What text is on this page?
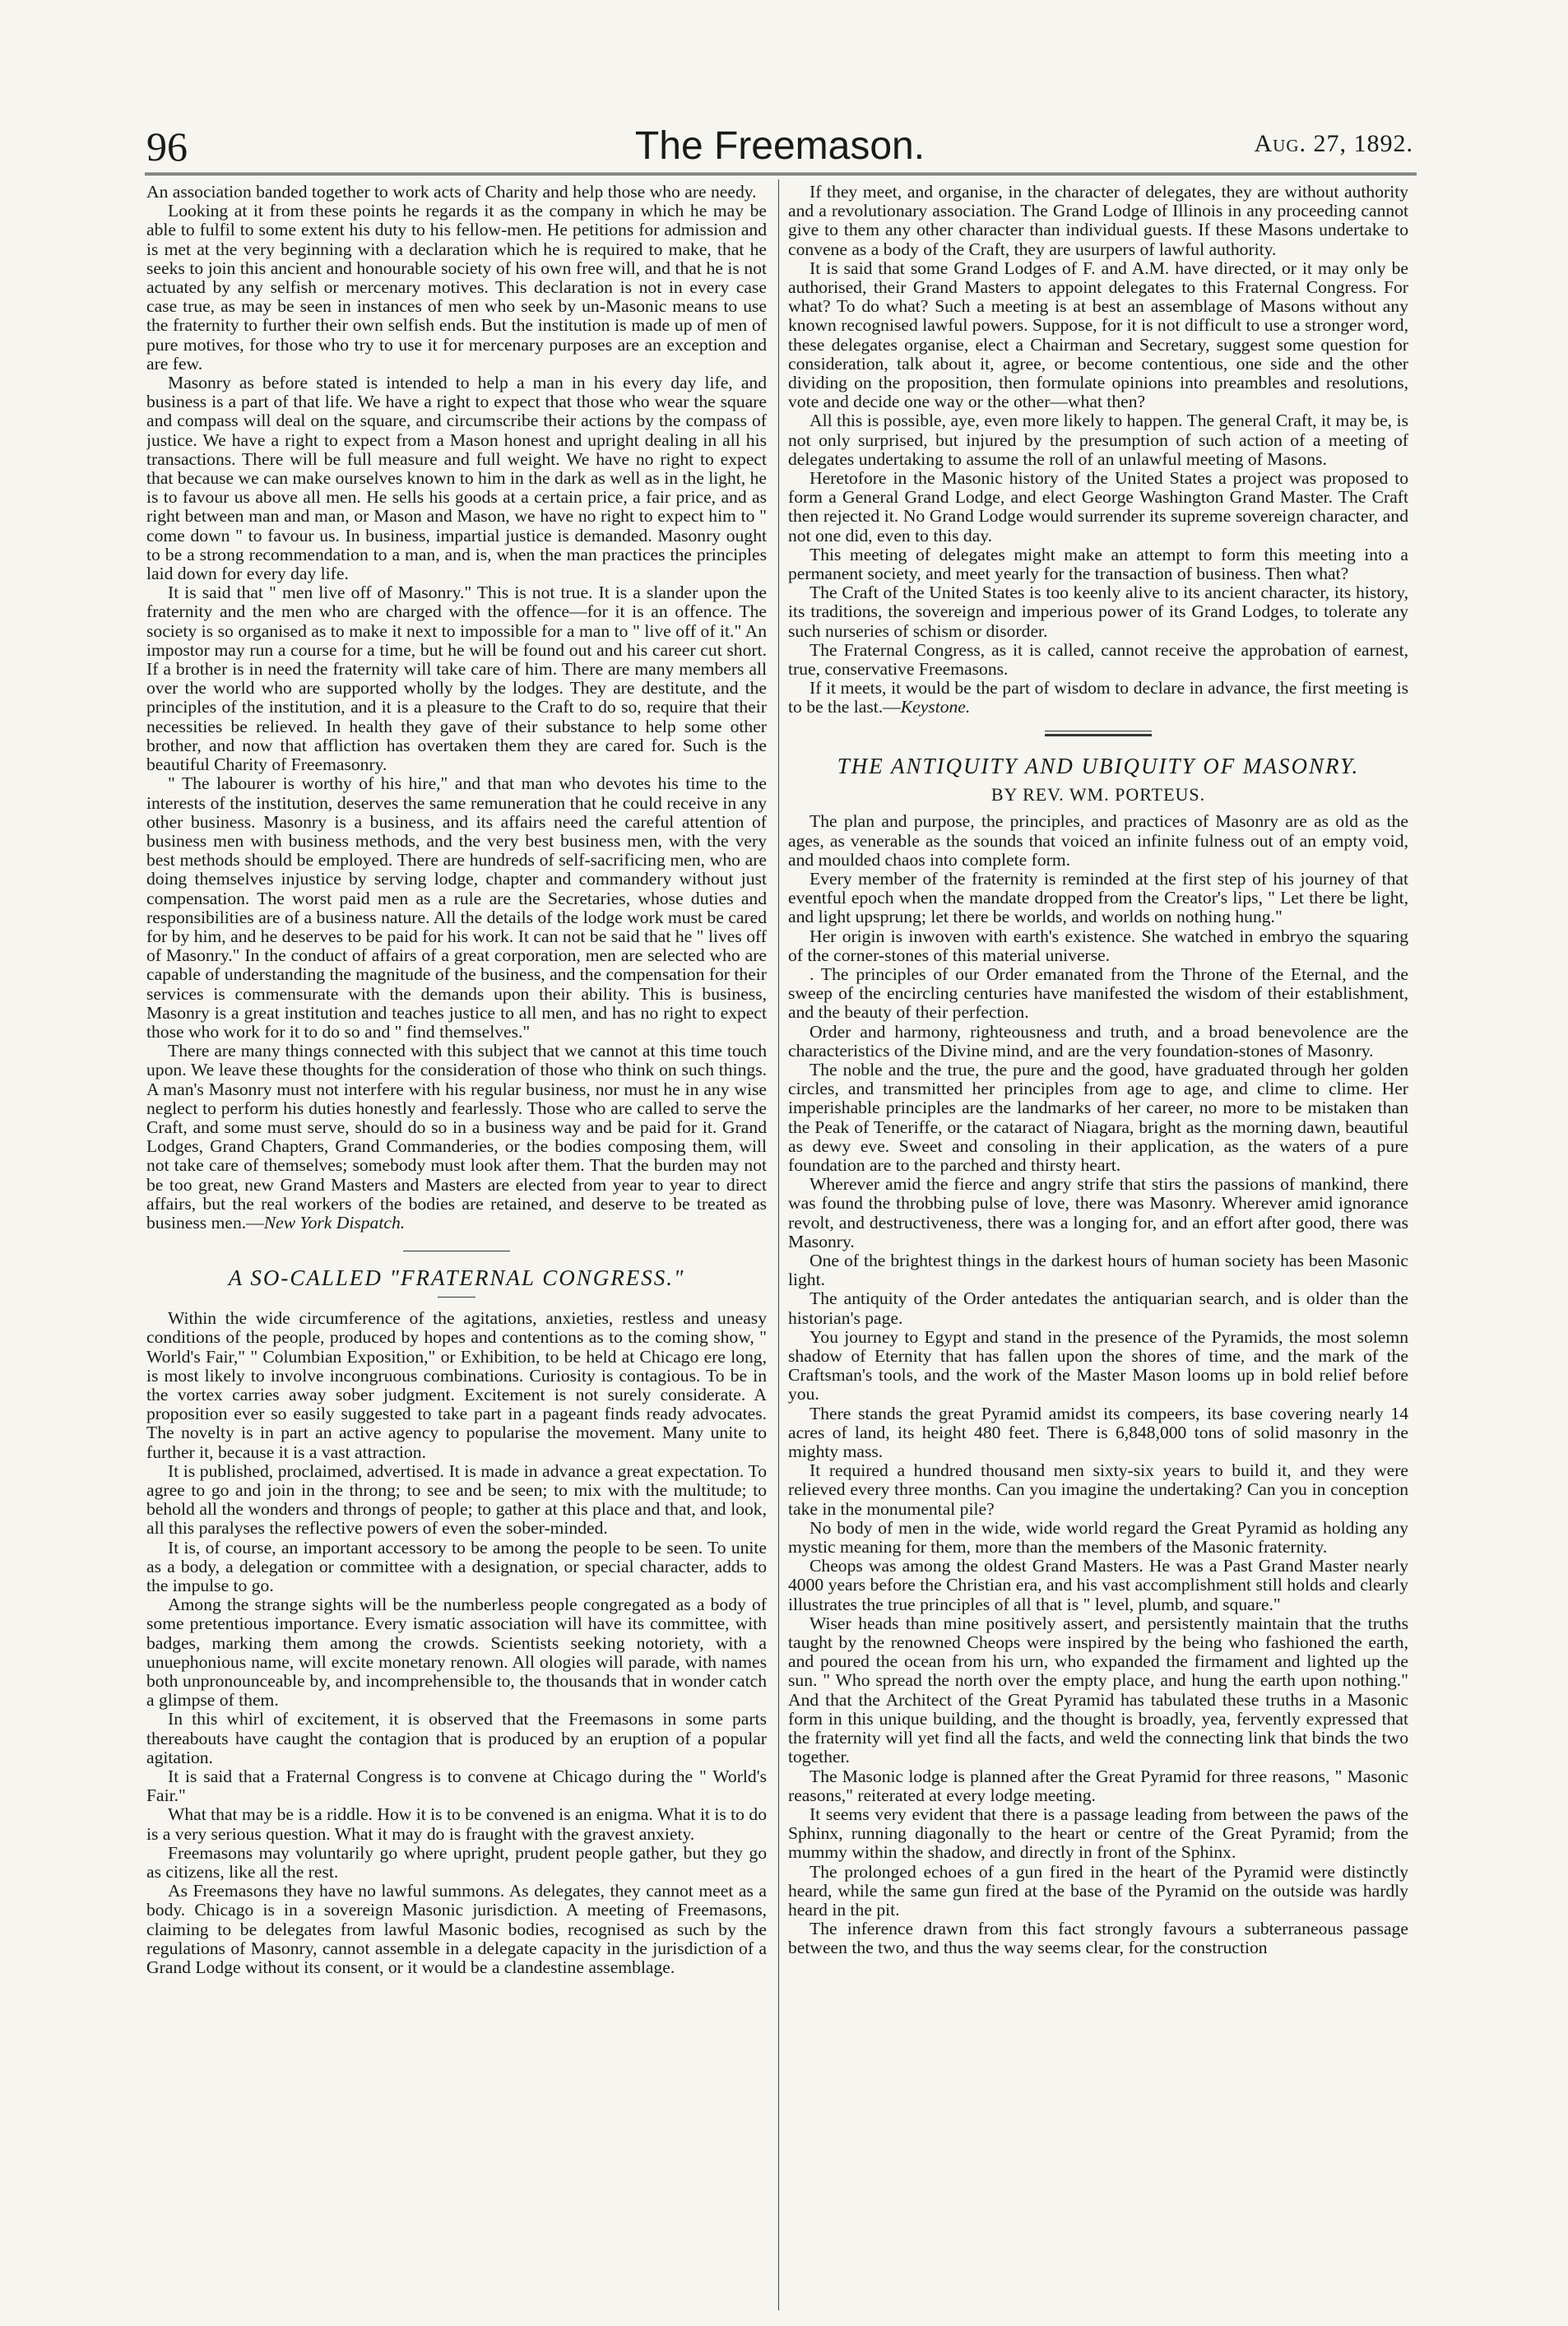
96	The Freemason.	Aug. 27, 1892.

An association banded together to work acts of Charity and help those who are needy.

Looking at it from these points he regards it as the company in which he may be able to fulfil to some extent his duty to his fellow-men. He petitions for admission and is met at the very beginning with a declaration which he is required to make, that he seeks to join this ancient and honourable society of his own free will, and that he is not actuated by any selfish or mercenary motives. This declaration is not in every case case true, as may be seen in instances of men who seek by un-Masonic means to use the fraternity to further their own selfish ends. But the institution is made up of men of pure motives, for those who try to use it for mercenary purposes are an exception and are few.

Masonry as before stated is intended to help a man in his every day life, and business is a part of that life. We have a right to expect that those who wear the square and compass will deal on the square, and circumscribe their actions by the compass of justice. We have a right to expect from a Mason honest and upright dealing in all his transactions. There will be full measure and full weight. We have no right to expect that because we can make ourselves known to him in the dark as well as in the light, he is to favour us above all men. He sells his goods at a certain price, a fair price, and as right between man and man, or Mason and Mason, we have no right to expect him to " come down " to favour us. In business, impartial justice is demanded. Masonry ought to be a strong recommendation to a man, and is, when the man practices the principles laid down for every day life.

It is said that " men live off of Masonry." This is not true. It is a slander upon the fraternity and the men who are charged with the offence—for it is an offence. The society is so organised as to make it next to impossible for a man to " live off of it." An impostor may run a course for a time, but he will be found out and his career cut short. If a brother is in need the fraternity will take care of him. There are many members all over the world who are supported wholly by the lodges. They are destitute, and the principles of the institution, and it is a pleasure to the Craft to do so, require that their necessities be relieved. In health they gave of their substance to help some other brother, and now that affliction has overtaken them they are cared for. Such is the beautiful Charity of Freemasonry.

" The labourer is worthy of his hire," and that man who devotes his time to the interests of the institution, deserves the same remuneration that he could receive in any other business. Masonry is a business, and its affairs need the careful attention of business men with business methods, and the very best business men, with the very best methods should be employed. There are hundreds of self-sacrificing men, who are doing themselves injustice by serving lodge, chapter and commandery without just compensation. The worst paid men as a rule are the Secretaries, whose duties and responsibilities are of a business nature. All the details of the lodge work must be cared for by him, and he deserves to be paid for his work. It can not be said that he " lives off of Masonry." In the conduct of affairs of a great corporation, men are selected who are capable of understanding the magnitude of the business, and the compensation for their services is commensurate with the demands upon their ability. This is business, Masonry is a great institution and teaches justice to all men, and has no right to expect those who work for it to do so and " find themselves."

There are many things connected with this subject that we cannot at this time touch upon. We leave these thoughts for the consideration of those who think on such things. A man's Masonry must not interfere with his regular business, nor must he in any wise neglect to perform his duties honestly and fearlessly. Those who are called to serve the Craft, and some must serve, should do so in a business way and be paid for it. Grand Lodges, Grand Chapters, Grand Commanderies, or the bodies composing them, will not take care of themselves; somebody must look after them. That the burden may not be too great, new Grand Masters and Masters are elected from year to year to direct affairs, but the real workers of the bodies are retained, and deserve to be treated as business men.—New York Dispatch.

A SO-CALLED "FRATERNAL CONGRESS."

Within the wide circumference of the agitations, anxieties, restless and uneasy conditions of the people, produced by hopes and contentions as to the coming show, " World's Fair," " Columbian Exposition," or Exhibition, to be held at Chicago ere long, is most likely to involve incongruous combinations. Curiosity is contagious. To be in the vortex carries away sober judgment. Excitement is not surely considerate. A proposition ever so easily suggested to take part in a pageant finds ready advocates. The novelty is in part an active agency to popularise the movement. Many unite to further it, because it is a vast attraction.

It is published, proclaimed, advertised. It is made in advance a great expectation. To agree to go and join in the throng; to see and be seen; to mix with the multitude; to behold all the wonders and throngs of people; to gather at this place and that, and look, all this paralyses the reflective powers of even the sober-minded.

It is, of course, an important accessory to be among the people to be seen. To unite as a body, a delegation or committee with a designation, or special character, adds to the impulse to go.

Among the strange sights will be the numberless people congregated as a body of some pretentious importance. Every ismatic association will have its committee, with badges, marking them among the crowds. Scientists seeking notoriety, with a unuephonious name, will excite monetary renown. All ologies will parade, with names both unpronounceable by, and incomprehensible to, the thousands that in wonder catch a glimpse of them.

In this whirl of excitement, it is observed that the Freemasons in some parts thereabouts have caught the contagion that is produced by an eruption of a popular agitation.

It is said that a Fraternal Congress is to convene at Chicago during the " World's Fair."

What that may be is a riddle. How it is to be convened is an enigma. What it is to do is a very serious question. What it may do is fraught with the gravest anxiety.

Freemasons may voluntarily go where upright, prudent people gather, but they go as citizens, like all the rest.

As Freemasons they have no lawful summons. As delegates, they cannot meet as a body. Chicago is in a sovereign Masonic jurisdiction. A meeting of Freemasons, claiming to be delegates from lawful Masonic bodies, recognised as such by the regulations of Masonry, cannot assemble in a delegate capacity in the jurisdiction of a Grand Lodge without its consent, or it would be a clandestine assemblage.

If they meet, and organise, in the character of delegates, they are without authority and a revolutionary association. The Grand Lodge of Illinois in any proceeding cannot give to them any other character than individual guests. If these Masons undertake to convene as a body of the Craft, they are usurpers of lawful authority.

It is said that some Grand Lodges of F. and A.M. have directed, or it may only be authorised, their Grand Masters to appoint delegates to this Fraternal Congress. For what? To do what? Such a meeting is at best an assemblage of Masons without any known recognised lawful powers. Suppose, for it is not difficult to use a stronger word, these delegates organise, elect a Chairman and Secretary, suggest some question for consideration, talk about it, agree, or become contentious, one side and the other dividing on the proposition, then formulate opinions into preambles and resolutions, vote and decide one way or the other—what then?

All this is possible, aye, even more likely to happen. The general Craft, it may be, is not only surprised, but injured by the presumption of such action of a meeting of delegates undertaking to assume the roll of an unlawful meeting of Masons.

Heretofore in the Masonic history of the United States a project was proposed to form a General Grand Lodge, and elect George Washington Grand Master. The Craft then rejected it. No Grand Lodge would surrender its supreme sovereign character, and not one did, even to this day.

This meeting of delegates might make an attempt to form this meeting into a permanent society, and meet yearly for the transaction of business. Then what?

The Craft of the United States is too keenly alive to its ancient character, its history, its traditions, the sovereign and imperious power of its Grand Lodges, to tolerate any such nurseries of schism or disorder.

The Fraternal Congress, as it is called, cannot receive the approbation of earnest, true, conservative Freemasons.

If it meets, it would be the part of wisdom to declare in advance, the first meeting is to be the last.—Keystone.

THE ANTIQUITY AND UBIQUITY OF MASONRY.
BY REV. WM. PORTEUS.

The plan and purpose, the principles, and practices of Masonry are as old as the ages, as venerable as the sounds that voiced an infinite fulness out of an empty void, and moulded chaos into complete form.

Every member of the fraternity is reminded at the first step of his journey of that eventful epoch when the mandate dropped from the Creator's lips, " Let there be light, and light upsprung; let there be worlds, and worlds on nothing hung."

Her origin is inwoven with earth's existence. She watched in embryo the squaring of the corner-stones of this material universe.

. The principles of our Order emanated from the Throne of the Eternal, and the sweep of the encircling centuries have manifested the wisdom of their establishment, and the beauty of their perfection.

Order and harmony, righteousness and truth, and a broad benevolence are the characteristics of the Divine mind, and are the very foundation-stones of Masonry.

The noble and the true, the pure and the good, have graduated through her golden circles, and transmitted her principles from age to age, and clime to clime. Her imperishable principles are the landmarks of her career, no more to be mistaken than the Peak of Teneriffe, or the cataract of Niagara, bright as the morning dawn, beautiful as dewy eve. Sweet and consoling in their application, as the waters of a pure foundation are to the parched and thirsty heart.

Wherever amid the fierce and angry strife that stirs the passions of mankind, there was found the throbbing pulse of love, there was Masonry. Wherever amid ignorance revolt, and destructiveness, there was a longing for, and an effort after good, there was Masonry.

One of the brightest things in the darkest hours of human society has been Masonic light.

The antiquity of the Order antedates the antiquarian search, and is older than the historian's page.

You journey to Egypt and stand in the presence of the Pyramids, the most solemn shadow of Eternity that has fallen upon the shores of time, and the mark of the Craftsman's tools, and the work of the Master Mason looms up in bold relief before you.

There stands the great Pyramid amidst its compeers, its base covering nearly 14 acres of land, its height 480 feet. There is 6,848,000 tons of solid masonry in the mighty mass.

It required a hundred thousand men sixty-six years to build it, and they were relieved every three months. Can you imagine the undertaking? Can you in conception take in the monumental pile?

No body of men in the wide, wide world regard the Great Pyramid as holding any mystic meaning for them, more than the members of the Masonic fraternity.

Cheops was among the oldest Grand Masters. He was a Past Grand Master nearly 4000 years before the Christian era, and his vast accomplishment still holds and clearly illustrates the true principles of all that is " level, plumb, and square."

Wiser heads than mine positively assert, and persistently maintain that the truths taught by the renowned Cheops were inspired by the being who fashioned the earth, and poured the ocean from his urn, who expanded the firmament and lighted up the sun. " Who spread the north over the empty place, and hung the earth upon nothing." And that the Architect of the Great Pyramid has tabulated these truths in a Masonic form in this unique building, and the thought is broadly, yea, fervently expressed that the fraternity will yet find all the facts, and weld the connecting link that binds the two together.

The Masonic lodge is planned after the Great Pyramid for three reasons, " Masonic reasons," reiterated at every lodge meeting.

It seems very evident that there is a passage leading from between the paws of the Sphinx, running diagonally to the heart or centre of the Great Pyramid; from the mummy within the shadow, and directly in front of the Sphinx.

The prolonged echoes of a gun fired in the heart of the Pyramid were distinctly heard, while the same gun fired at the base of the Pyramid on the outside was hardly heard in the pit.

The inference drawn from this fact strongly favours a subterraneous passage between the two, and thus the way seems clear, for the construction
